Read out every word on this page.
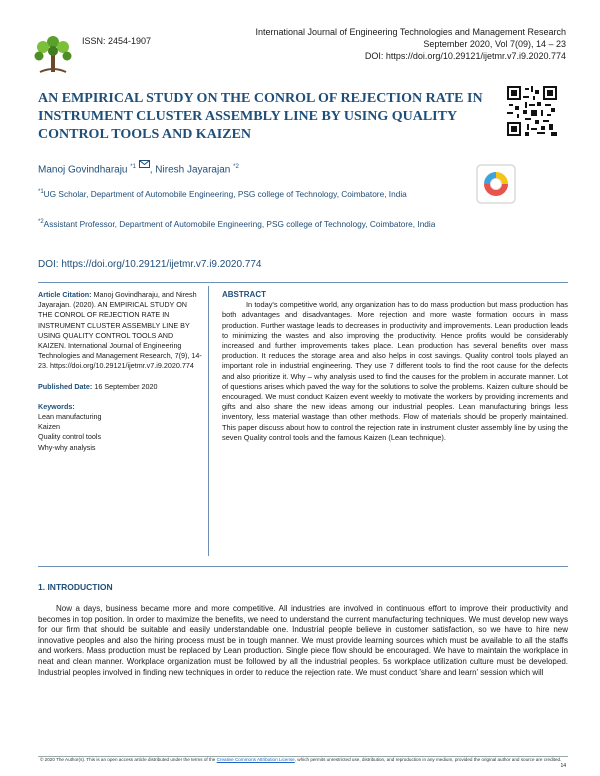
ISSN: 2454-1907
International Journal of Engineering Technologies and Management Research
September 2020, Vol 7(09), 14 – 23
DOI: https://doi.org/10.29121/ijetmr.v7.i9.2020.774
AN EMPIRICAL STUDY ON THE CONROL OF REJECTION RATE IN INSTRUMENT CLUSTER ASSEMBLY LINE BY USING QUALITY CONTROL TOOLS AND KAIZEN
Manoj Govindharaju $^{*1}$ , Niresh Jayarajan $^{*2}$
$^{*1}$UG Scholar, Department of Automobile Engineering, PSG college of Technology, Coimbatore, India
$^{*2}$Assistant Professor, Department of Automobile Engineering, PSG college of Technology, Coimbatore, India
DOI: https://doi.org/10.29121/ijetmr.v7.i9.2020.774
Article Citation: Manoj Govindharaju, and Niresh Jayarajan. (2020). AN EMPIRICAL STUDY ON THE CONROL OF REJECTION RATE IN INSTRUMENT CLUSTER ASSEMBLY LINE BY USING QUALITY CONTROL TOOLS AND KAIZEN. International Journal of Engineering Technologies and Management Research, 7(9), 14-23. https://doi.org/10.29121/ijetmr.v7.i9.2020.774
Published Date: 16 September 2020
Keywords:
Lean manufacturing
Kaizen
Quality control tools
Why-why analysis
ABSTRACT
In today's competitive world, any organization has to do mass production but mass production has both advantages and disadvantages. More rejection and more waste formation occurs in mass production. Further wastage leads to decreases in productivity and improvements. Lean production leads to minimizing the wastes and also improving the productivity. Hence profits would be considerably increased and further improvements takes place. Lean production has several benefits over mass production. It reduces the storage area and also helps in cost savings. Quality control tools played an important role in industrial engineering. They use 7 different tools to find the root cause for the defects and also prioritize it. Why – why analysis used to find the causes for the problem in accurate manner. Lot of questions arises which paved the way for the solutions to solve the problems. Kaizen culture should be encouraged. We must conduct Kaizen event weekly to motivate the workers by providing increments and gifts and also share the new ideas among our industrial peoples. Lean manufacturing brings less inventory, less material wastage than other methods. Flow of materials should be properly maintained. This paper discuss about how to control the rejection rate in instrument cluster assembly line by using the seven Quality control tools and the famous Kaizen (Lean technique).
1. INTRODUCTION
Now a days, business became more and more competitive. All industries are involved in continuous effort to improve their productivity and becomes in top position. In order to maximize the benefits, we need to understand the current manufacturing techniques. We must develop new ways for our firm that should be suitable and easily understandable one. Industrial people believe in customer satisfaction, so we have to hire new innovative peoples and also the hiring process must be in tough manner. We must provide learning sources which must be available to all the staffs and workers. Mass production must be replaced by Lean production. Single piece flow should be encouraged. We have to maintain the workplace in neat and clean manner. Workplace organization must be followed by all the industrial peoples. 5s workplace utilization culture must be developed. Industrial peoples involved in finding new techniques in order to reduce the rejection rate. We must conduct 'share and learn' session which will
© 2020 The Author(s). This is an open access article distributed under the terms of the Creative Commons Attribution License, which permits unrestricted use, distribution, and reproduction in any medium, provided the original author and source are credited.
14
